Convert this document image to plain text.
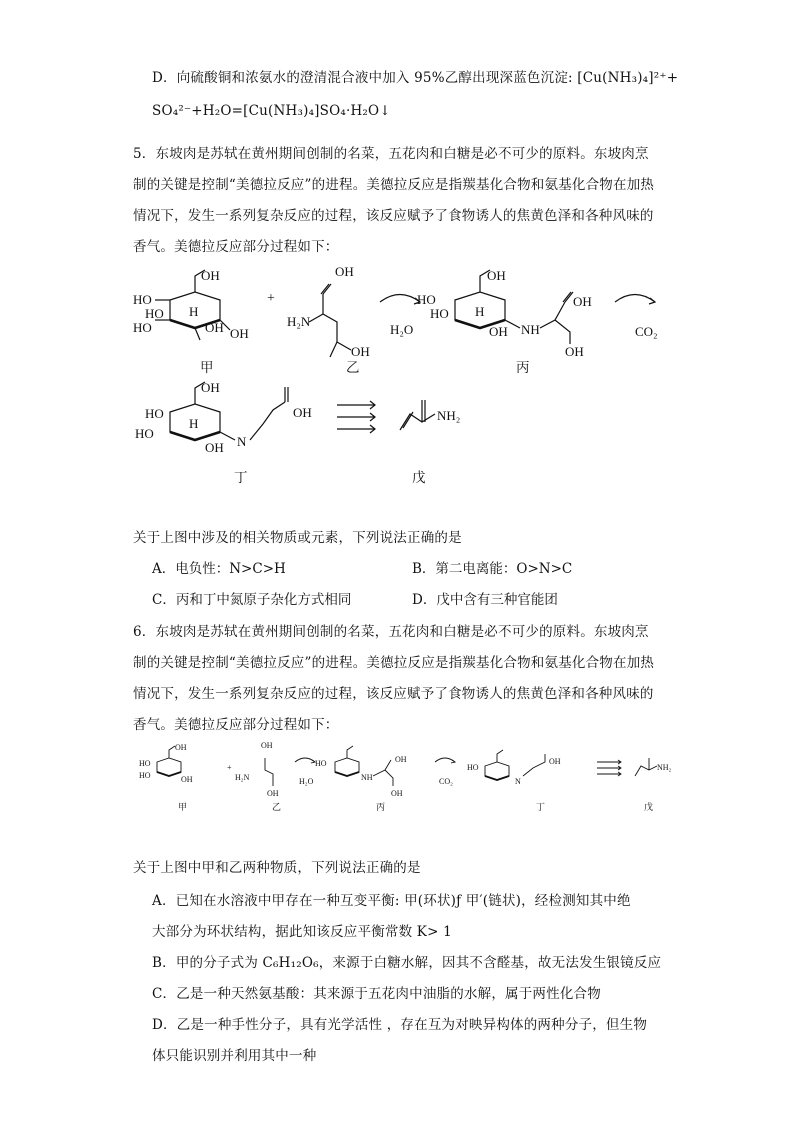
D．向硫酸铜和浓氨水的澄清混合液中加入 95%乙醇出现深蓝色沉淀: [Cu(NH₃)₄]²⁺+
SO₄²⁻+H₂O=[Cu(NH₃)₄]SO₄·H₂O↓
5．东坡肉是苏轼在黄州期间创制的名菜，五花肉和白糖是必不可少的原料。东坡肉烹
制的关键是控制“美德拉反应”的进程。美德拉反应是指羰基化合物和氨基化合物在加热
情况下，发生一系列复杂反应的过程，该反应赋予了食物诱人的焦黄色泽和各种风味的
香气。美德拉反应部分过程如下：
OH
HO
HO H
HO	OH OH
+
OH
H₂N
OH
H₂O
OH
HO
HO H
OH NH
OH
OH
CO₂
OH
HO
H
HO
OH N
OH	NH₂
甲	乙	丙
丁	戊
关于上图中涉及的相关物质或元素，下列说法正确的是
A．电负性：N>C>H	B．第二电离能：O>N>C
C．丙和丁中氮原子杂化方式相同	D．戊中含有三种官能团
6．东坡肉是苏轼在黄州期间创制的名菜，五花肉和白糖是必不可少的原料。东坡肉烹
制的关键是控制“美德拉反应”的进程。美德拉反应是指羰基化合物和氨基化合物在加热
情况下，发生一系列复杂反应的过程，该反应赋予了食物诱人的焦黄色泽和各种风味的
香气。美德拉反应部分过程如下：
OH
HO
HO	OH
+
OH
H₂N
OH
H₂O
HO
NH
OH
OH
CO₂
HO
N
OH
NH₂
甲	乙	丙	丁	戊
关于上图中甲和乙两种物质，下列说法正确的是
A．已知在水溶液中甲存在一种互变平衡: 甲(环状)ƒ 甲′(链状)，经检测知其中绝
大部分为环状结构，据此知该反应平衡常数 K> 1
B．甲的分子式为 C₆H₁₂O₆，来源于白糖水解，因其不含醛基，故无法发生银镜反应
C．乙是一种天然氨基酸：其来源于五花肉中油脂的水解，属于两性化合物
D．乙是一种手性分子，具有光学活性 ，存在互为对映异构体的两种分子，但生物
体只能识别并利用其中一种
